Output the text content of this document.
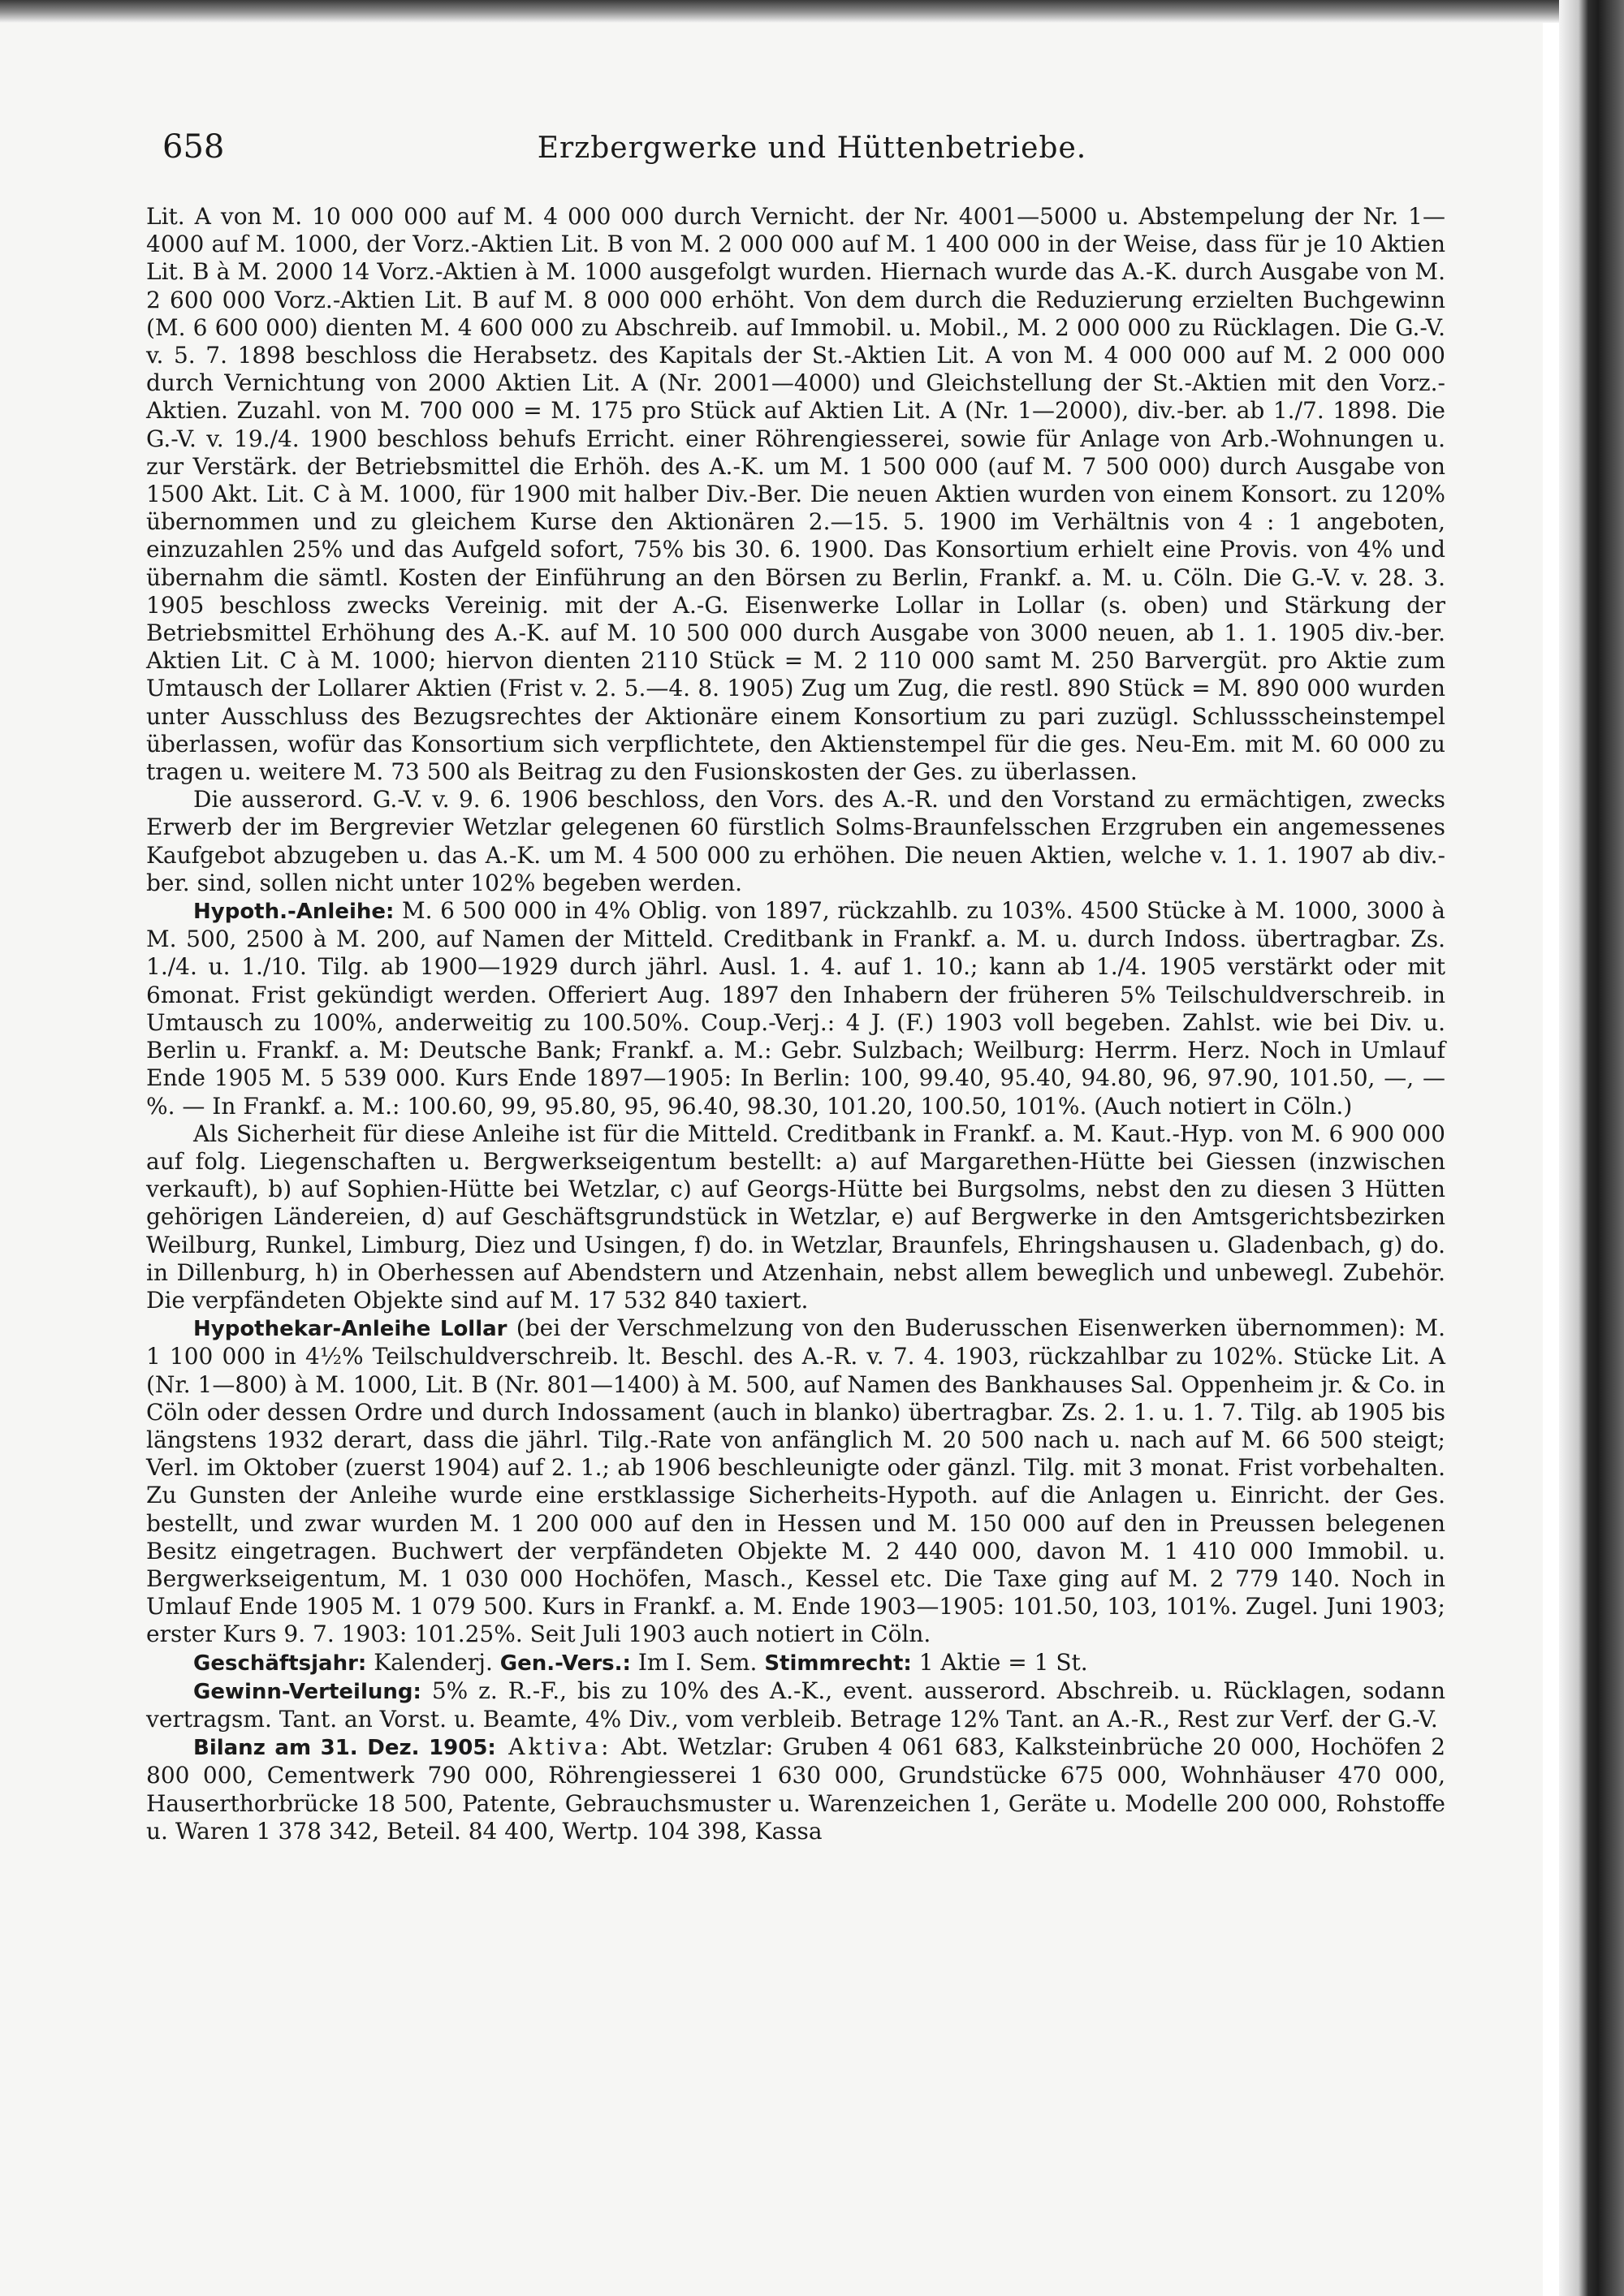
658	Erzbergwerke und Hüttenbetriebe.

Lit. A von M. 10 000 000 auf M. 4 000 000 durch Vernicht. der Nr. 4001—5000 u. Abstempelung der Nr. 1—4000 auf M. 1000, der Vorz.-Aktien Lit. B von M. 2 000 000 auf M. 1 400 000 in der Weise, dass für je 10 Aktien Lit. B à M. 2000 14 Vorz.-Aktien à M. 1000 ausgefolgt wurden. Hiernach wurde das A.-K. durch Ausgabe von M. 2 600 000 Vorz.-Aktien Lit. B auf M. 8 000 000 erhöht. Von dem durch die Reduzierung erzielten Buchgewinn (M. 6 600 000) dienten M. 4 600 000 zu Abschreib. auf Immobil. u. Mobil., M. 2 000 000 zu Rücklagen. Die G.-V. v. 5. 7. 1898 beschloss die Herabsetz. des Kapitals der St.-Aktien Lit. A von M. 4 000 000 auf M. 2 000 000 durch Vernichtung von 2000 Aktien Lit. A (Nr. 2001—4000) und Gleichstellung der St.-Aktien mit den Vorz.-Aktien. Zuzahl. von M. 700 000 = M. 175 pro Stück auf Aktien Lit. A (Nr. 1—2000), div.-ber. ab 1./7. 1898. Die G.-V. v. 19./4. 1900 beschloss behufs Erricht. einer Röhrengiesserei, sowie für Anlage von Arb.-Wohnungen u. zur Verstärk. der Betriebsmittel die Erhöh. des A.-K. um M. 1 500 000 (auf M. 7 500 000) durch Ausgabe von 1500 Akt. Lit. C à M. 1000, für 1900 mit halber Div.-Ber. Die neuen Aktien wurden von einem Konsort. zu 120% übernommen und zu gleichem Kurse den Aktionären 2.—15. 5. 1900 im Verhältnis von 4 : 1 angeboten, einzuzahlen 25% und das Aufgeld sofort, 75% bis 30. 6. 1900. Das Konsortium erhielt eine Provis. von 4% und übernahm die sämtl. Kosten der Einführung an den Börsen zu Berlin, Frankf. a. M. u. Cöln. Die G.-V. v. 28. 3. 1905 beschloss zwecks Vereinig. mit der A.-G. Eisenwerke Lollar in Lollar (s. oben) und Stärkung der Betriebsmittel Erhöhung des A.-K. auf M. 10 500 000 durch Ausgabe von 3000 neuen, ab 1. 1. 1905 div.-ber. Aktien Lit. C à M. 1000; hiervon dienten 2110 Stück = M. 2 110 000 samt M. 250 Barvergüt. pro Aktie zum Umtausch der Lollarer Aktien (Frist v. 2. 5.—4. 8. 1905) Zug um Zug, die restl. 890 Stück = M. 890 000 wurden unter Ausschluss des Bezugsrechtes der Aktionäre einem Konsortium zu pari zuzügl. Schlussscheinstempel überlassen, wofür das Konsortium sich verpflichtete, den Aktienstempel für die ges. Neu-Em. mit M. 60 000 zu tragen u. weitere M. 73 500 als Beitrag zu den Fusionskosten der Ges. zu überlassen.

Die ausserord. G.-V. v. 9. 6. 1906 beschloss, den Vors. des A.-R. und den Vorstand zu ermächtigen, zwecks Erwerb der im Bergrevier Wetzlar gelegenen 60 fürstlich Solms-Braunfelsschen Erzgruben ein angemessenes Kaufgebot abzugeben u. das A.-K. um M. 4 500 000 zu erhöhen. Die neuen Aktien, welche v. 1. 1. 1907 ab div.-ber. sind, sollen nicht unter 102% begeben werden.

Hypoth.-Anleihe: M. 6 500 000 in 4% Oblig. von 1897, rückzahlb. zu 103%. 4500 Stücke à M. 1000, 3000 à M. 500, 2500 à M. 200, auf Namen der Mitteld. Creditbank in Frankf. a. M. u. durch Indoss. übertragbar. Zs. 1./4. u. 1./10. Tilg. ab 1900—1929 durch jährl. Ausl. 1. 4. auf 1. 10.; kann ab 1./4. 1905 verstärkt oder mit 6monat. Frist gekündigt werden. Offeriert Aug. 1897 den Inhabern der früheren 5% Teilschuldverschreib. in Umtausch zu 100%, anderweitig zu 100.50%. Coup.-Verj.: 4 J. (F.) 1903 voll begeben. Zahlst. wie bei Div. u. Berlin u. Frankf. a. M: Deutsche Bank; Frankf. a. M.: Gebr. Sulzbach; Weilburg: Herrm. Herz. Noch in Umlauf Ende 1905 M. 5 539 000. Kurs Ende 1897—1905: In Berlin: 100, 99.40, 95.40, 94.80, 96, 97.90, 101.50, —, — %. — In Frankf. a. M.: 100.60, 99, 95.80, 95, 96.40, 98.30, 101.20, 100.50, 101%. (Auch notiert in Cöln.)

Als Sicherheit für diese Anleihe ist für die Mitteld. Creditbank in Frankf. a. M. Kaut.-Hyp. von M. 6 900 000 auf folg. Liegenschaften u. Bergwerkseigentum bestellt: a) auf Margarethen-Hütte bei Giessen (inzwischen verkauft), b) auf Sophien-Hütte bei Wetzlar, c) auf Georgs-Hütte bei Burgsolms, nebst den zu diesen 3 Hütten gehörigen Ländereien, d) auf Geschäftsgrundstück in Wetzlar, e) auf Bergwerke in den Amtsgerichtsbezirken Weilburg, Runkel, Limburg, Diez und Usingen, f) do. in Wetzlar, Braunfels, Ehringshausen u. Gladenbach, g) do. in Dillenburg, h) in Oberhessen auf Abendstern und Atzenhain, nebst allem beweglich und unbewegl. Zubehör. Die verpfändeten Objekte sind auf M. 17 532 840 taxiert.

Hypothekar-Anleihe Lollar (bei der Verschmelzung von den Buderusschen Eisenwerken übernommen): M. 1 100 000 in 4½% Teilschuldverschreib. lt. Beschl. des A.-R. v. 7. 4. 1903, rückzahlbar zu 102%. Stücke Lit. A (Nr. 1—800) à M. 1000, Lit. B (Nr. 801—1400) à M. 500, auf Namen des Bankhauses Sal. Oppenheim jr. & Co. in Cöln oder dessen Ordre und durch Indossament (auch in blanko) übertragbar. Zs. 2. 1. u. 1. 7. Tilg. ab 1905 bis längstens 1932 derart, dass die jährl. Tilg.-Rate von anfänglich M. 20 500 nach u. nach auf M. 66 500 steigt; Verl. im Oktober (zuerst 1904) auf 2. 1.; ab 1906 beschleunigte oder gänzl. Tilg. mit 3 monat. Frist vorbehalten. Zu Gunsten der Anleihe wurde eine erstklassige Sicherheits-Hypoth. auf die Anlagen u. Einricht. der Ges. bestellt, und zwar wurden M. 1 200 000 auf den in Hessen und M. 150 000 auf den in Preussen belegenen Besitz eingetragen. Buchwert der verpfändeten Objekte M. 2 440 000, davon M. 1 410 000 Immobil. u. Bergwerkseigentum, M. 1 030 000 Hochöfen, Masch., Kessel etc. Die Taxe ging auf M. 2 779 140. Noch in Umlauf Ende 1905 M. 1 079 500. Kurs in Frankf. a. M. Ende 1903—1905: 101.50, 103, 101%. Zugel. Juni 1903; erster Kurs 9. 7. 1903: 101.25%. Seit Juli 1903 auch notiert in Cöln.

Geschäftsjahr: Kalenderj. Gen.-Vers.: Im I. Sem. Stimmrecht: 1 Aktie = 1 St.

Gewinn-Verteilung: 5% z. R.-F., bis zu 10% des A.-K., event. ausserord. Abschreib. u. Rücklagen, sodann vertragsm. Tant. an Vorst. u. Beamte, 4% Div., vom verbleib. Betrage 12% Tant. an A.-R., Rest zur Verf. der G.-V.

Bilanz am 31. Dez. 1905: Aktiva: Abt. Wetzlar: Gruben 4 061 683, Kalksteinbrüche 20 000, Hochöfen 2 800 000, Cementwerk 790 000, Röhrengiesserei 1 630 000, Grundstücke 675 000, Wohnhäuser 470 000, Hauserthorbrücke 18 500, Patente, Gebrauchsmuster u. Warenzeichen 1, Geräte u. Modelle 200 000, Rohstoffe u. Waren 1 378 342, Beteil. 84 400, Wertp. 104 398, Kassa
